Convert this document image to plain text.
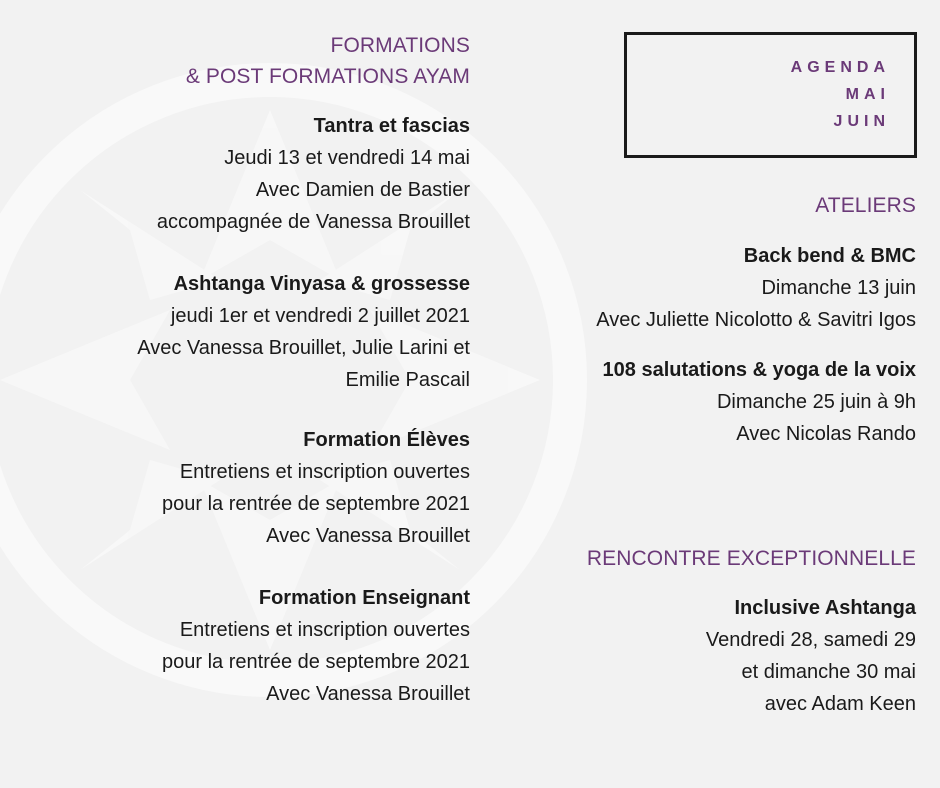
FORMATIONS

& POST FORMATIONS AYAM

Tantra et fascias
Jeudi 13 et vendredi 14 mai
Avec Damien de Bastier
accompagnée de Vanessa Brouillet
Ashtanga Vinyasa & grossesse
jeudi 1er et vendredi 2 juillet 2021
Avec Vanessa Brouillet, Julie Larini et
Emilie Pascail
Formation Élèves
Entretiens et inscription ouvertes
pour la rentrée de septembre 2021
Avec Vanessa Brouillet
Formation Enseignant
Entretiens et inscription ouvertes
pour la rentrée de septembre 2021
Avec Vanessa Brouillet
AGENDA
MAI
JUIN

ATELIERS

Back bend & BMC
Dimanche 13 juin
Avec Juliette Nicolotto & Savitri Igos
108 salutations & yoga de la voix
Dimanche 25 juin à 9h
Avec Nicolas Rando

RENCONTRE EXCEPTIONNELLE

Inclusive Ashtanga
Vendredi 28, samedi 29
et dimanche 30 mai
avec Adam Keen
